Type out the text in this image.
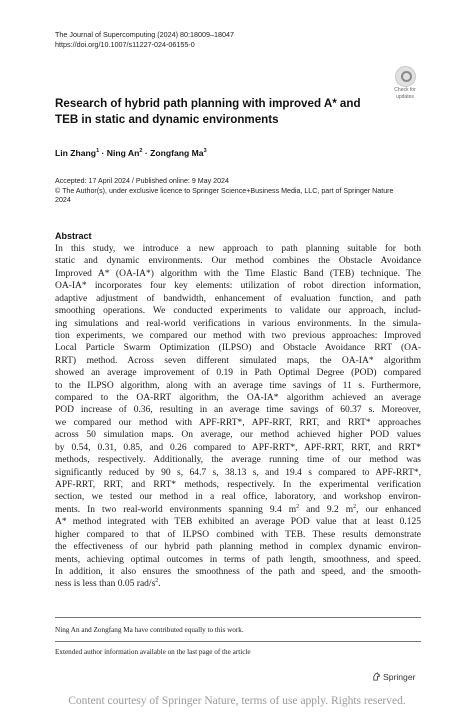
The Journal of Supercomputing (2024) 80:18009–18047
https://doi.org/10.1007/s11227-024-06155-0
Check for
updates
Research of hybrid path planning with improved A* and TEB in static and dynamic environments
Lin Zhang$^1$ · Ning $An^2$ · Zongfang Ma$^3$
Accepted: 17 April 2024 / Published online: 9 May 2024
© The Author(s), under exclusive licence to Springer Science+Business Media, LLC, part of Springer Nature
2024
Abstract
In this study, we introduce a new approach to path planning suitable for both
static and dynamic environments. Our method combines the Obstacle Avoidance
Improved A* (OA-IA*) algorithm with the Time Elastic Band (TEB) technique. The
OA-IA* incorporates four key elements: utilization of robot direction information,
adaptive adjustment of bandwidth, enhancement of evaluation function, and path
smoothing operations. We conducted experiments to validate our approach, includ-
ing simulations and real-world verifications in various environments. In the simula-
tion experiments, we compared our method with two previous approaches: Improved
Local Particle Swarm Optimization (ILPSO) and Obstacle Avoidance RRT (OA-
RRT) method. Across seven different simulated maps, the OA-IA* algorithm
showed an average improvement of 0.19 in Path Optimal Degree (POD) compared
to the ILPSO algorithm, along with an average time savings of 11 s. Furthermore,
compared to the OA-RRT algorithm, the OA-IA* algorithm achieved an average
POD increase of 0.36, resulting in an average time savings of 60.37 s. Moreover,
we compared our method with APF-RRT*, APF-RRT, RRT, and RRT* approaches
across 50 simulation maps. On average, our method achieved higher POD values
by 0.54, 0.31, 0.85, and 0.26 compared to APF-RRT*, APF-RRT, RRT, and RRT*
methods, respectively. Additionally, the average running time of our method was
significantly reduced by 90 s, 64.7 s, 38.13 s, and 19.4 s compared to APF-RRT*,
APF-RRT, RRT, and RRT* methods, respectively. In the experimental verification
section, we tested our method in a real office, laboratory, and workshop environ-
ments. In two real-world environments spanning 9.4 $m^2$ and 9.2 $m^2$, our enhanced
A* method integrated with TEB exhibited an average POD value that at least 0.125
higher compared to that of ILPSO combined with TEB. These results demonstrate
the effectiveness of our hybrid path planning method in complex dynamic environ-
ments, achieving optimal outcomes in terms of path length, smoothness, and speed.
In addition, it also ensures the smoothness of the path and speed, and the smooth-
ness is less than 0.05 rad/$s^2$.
Ning An and Zongfang Ma have contributed equally to this work.
Extended author information available on the last page of the article
Springer
Content courtesy of Springer Nature, terms of use apply. Rights reserved.
